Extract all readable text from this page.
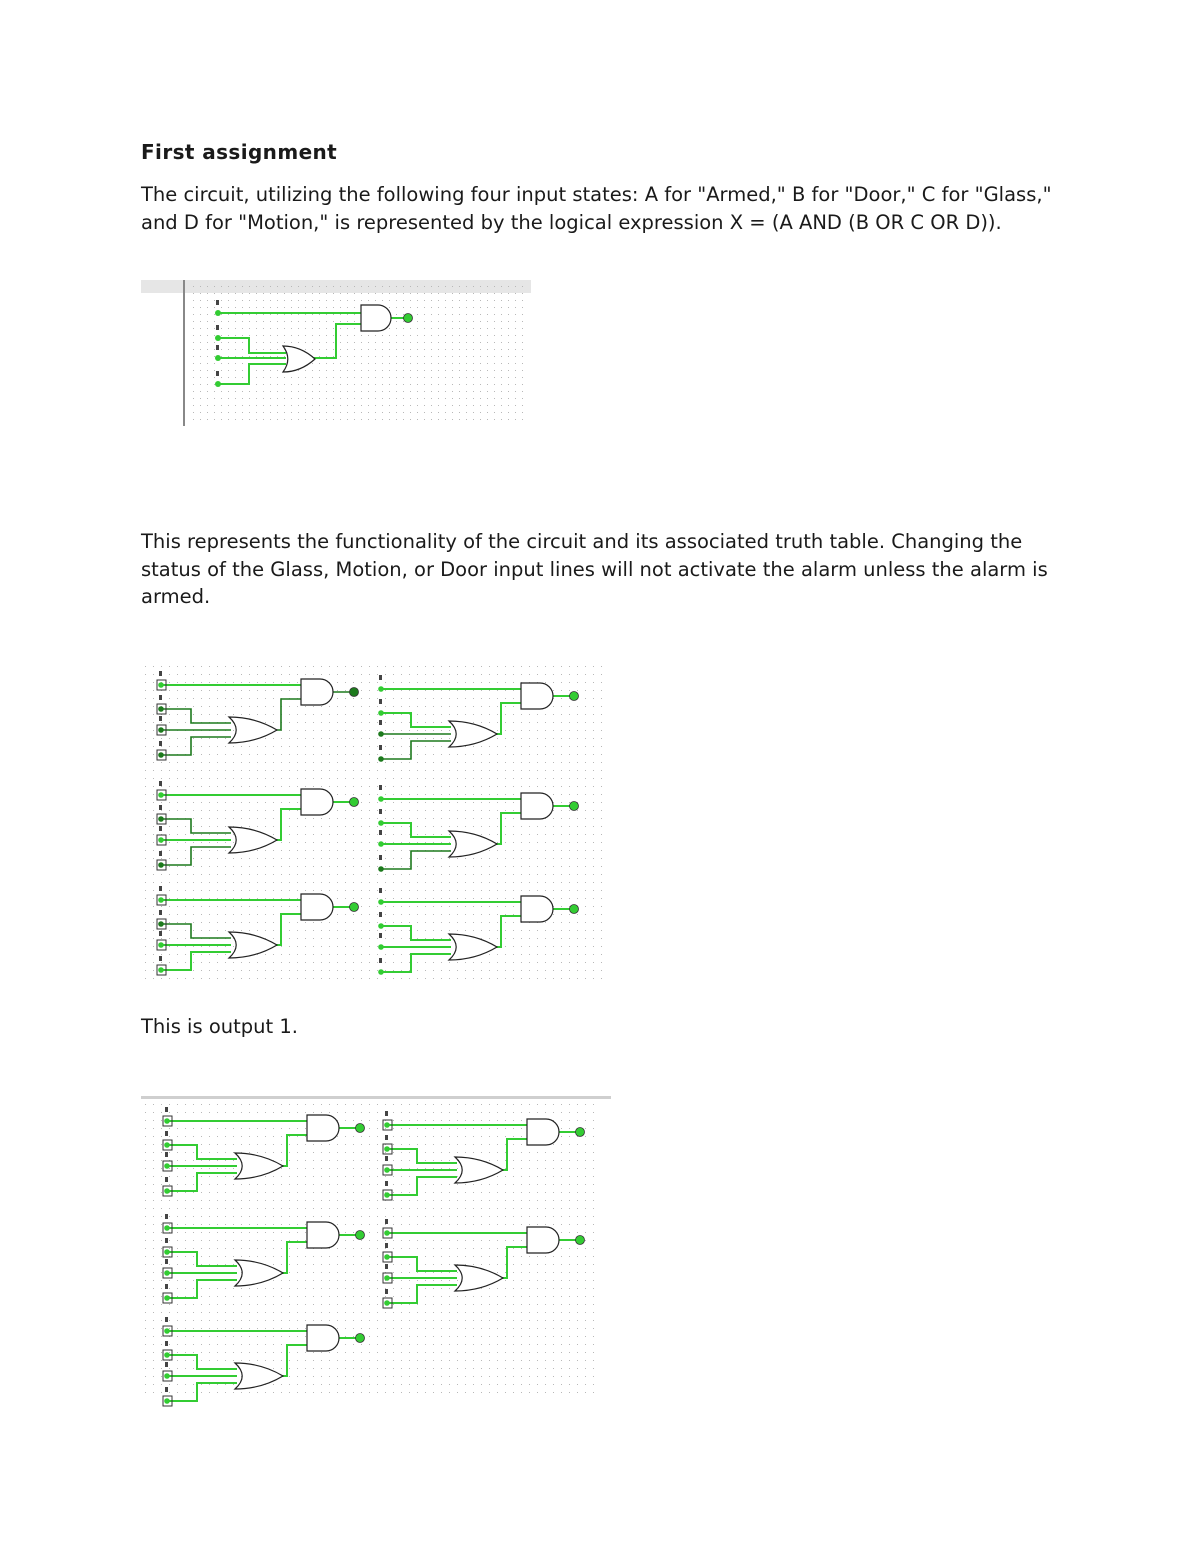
First assignment

The circuit, utilizing the following four input states: A for "Armed," B for "Door," C for "Glass," and D for "Motion," is represented by the logical expression X = (A AND (B OR C OR D)).

This represents the functionality of the circuit and its associated truth table. Changing the status of the Glass, Motion, or Door input lines will not activate the alarm unless the alarm is armed.

This is output 1.
